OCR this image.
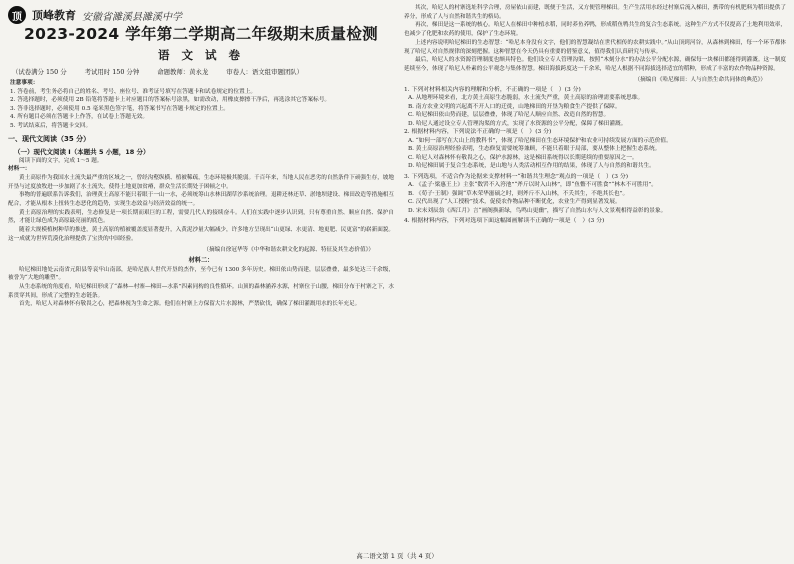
顶 顶峰教育 安徽省濉溪县濉溪中学
2023-2024 学年第二学期高二年级期末质量检测
语 文 试 卷
（试卷满分 150 分	考试用时 150 分钟	命题教师：黄永龙	审卷人：语文组审题团队）
注意事项：
1. 答卷前，考生务必将自己的姓名、考号、座位号、准考证号填写在答题卡和试卷规定的位置上。
2. 答选择题时，必须使用 2B 铅笔将答题卡上对应题目的答案标号涂黑，如需改动，用橡皮擦擦干净后，再选涂其它答案标号。
3. 答非选择题时，必须使用 0.5 毫米黑色签字笔，将答案书写在答题卡规定的位置上。
4. 所有题目必须在答题卡上作答，在试卷上答题无效。
5. 考试结束后，将答题卡交回。
一、现代文阅读（35 分）
（一）现代文阅读 I（本题共 5 小题，18 分）

阅读下面的文字，完成 1～5 题。

材料一：

黄土高原作为我国水土流失最严重的区域之一，曾经沟壑纵横、植被稀疏，生态环境极其脆弱。千百年来，当地人民在恶劣的自然条件下顽强生存，坡地开垦与过度放牧进一步加剧了水土流失，使得土地更加贫瘠，群众生活长期处于困顿之中。

事物的普遍联系告诉我们，治理黄土高原不能只着眼于一山一水，必须统筹山水林田湖草沙系统治理。退耕还林还草、淤地坝建设、梯田改造等措施相互配合，才能从根本上扭转生态恶化的趋势，实现生态效益与经济效益的统一。

黄土高原治理的实践表明，生态修复是一项长期而艰巨的工程，需要几代人的接续奋斗。人们在实践中逐步认识到，只有尊重自然、顺应自然、保护自然，才能让绿色成为高原最亮丽的底色。

随着大规模植树种草的推进，黄土高原的植被覆盖度显著提升，入黄泥沙量大幅减少，许多地方呈现出“山更绿、水更清、地更肥、民更富”的崭新面貌。这一成就为世界荒漠化治理提供了宝贵的中国经验。

（摘编自徐冠华等《中华和谐农耕文化的起源、特征及其生态价值》）
材料二：

哈尼梯田地处云南省元阳县等哀牢山南部，是哈尼族人世代开垦的杰作，至今已有 1300 多年历史。梯田依山势而建，层层叠叠，最多处达三千余级，被誉为“大地的雕塑”。

从生态系统的角度看，哈尼梯田形成了“森林—村寨—梯田—水系”四素同构的良性循环。山顶的森林涵养水源，村寨位于山腰，梯田分布于村寨之下，水系贯穿其间，形成了完整的生态链条。

首先，哈尼人对森林怀有敬畏之心，把森林视为生命之源。他们在村寨上方保留大片水源林，严禁砍伐，确保了梯田灌溉用水的长年充足。

其次，哈尼人的村寨选址科学合理，房屋依山而建，既便于生活，又方便管理梯田。生产生活用水经过村寨后流入梯田，携带的有机肥料为稻田提供了养分，形成了人与自然和谐共生的格局。

再次，梯田是这一系统的核心。哈尼人在梯田中种植水稻，同时养鱼养鸭，形成稻鱼鸭共生的复合生态系统。这种生产方式不仅提高了土地利用效率，也减少了化肥和农药的使用，保护了生态环境。

上述内容说明哈尼梯田的生态智慧：“哈尼本身没有文字，他们的智慧凝结在世代相传的农耕实践中。”从山顶到河谷，从森林到梯田，每一个环节都体现了哈尼人对自然规律的深刻把握。这种智慧在今天仍具有重要的借鉴意义，值得我们认真研究与传承。

最后，哈尼人的水资源管理制度也颇具特色。他们设立专人管理沟渠，按照“木刻分水”的办法公平分配水源，确保每一块梯田都能得到灌溉。这一制度延续至今，体现了哈尼人朴素的公平观念与集体智慧。梯田海拔跨度达一千余米，哈尼人根据不同海拔选择适宜的稻种，形成了丰富的农作物品种资源。

（摘编自《哈尼梯田：人与自然生命共同体的典范》）

1. 下列对材料相关内容的理解和分析，不正确的一项是（　）(3 分)

A. 从地理环境来看，北方黄土高原生态脆弱，水土流失严重，黄土高原的治理需要系统思维。

B. 南方农业文明的兴起离不开人口的迁徙，山地梯田的开垦为粮食生产提供了保障。

C. 哈尼梯田依山势而建，层层叠叠，体现了哈尼人顺应自然、改造自然的智慧。

D. 哈尼人通过设立专人管理沟渠的方式，实现了水资源的公平分配，保障了梯田灌溉。

2. 根据材料内容，下列说法不正确的一项是（　）(3 分)

A. “如何一部写在大山上的教科书”，体现了哈尼梯田在生态环境保护和农业可持续发展方面的示范价值。

B. 黄土高原治理经验表明，生态修复需要统筹兼顾，不能只着眼于局部，要从整体上把握生态系统。

C. 哈尼人对森林怀有敬畏之心，保护水源林，这是梯田系统得以长期延续的重要原因之一。

D. 哈尼梯田属于复合生态系统，是山地与人类活动相互作用的结果，体现了人与自然的和谐共生。

3. 下列选项，不适合作为论据来支撑材料一“和谐共生理念”观点的一项是（　）(3 分)

A. 《孟子·梁惠王上》主张“数罟不入洿池”“斧斤以时入山林”，即“鱼鳖不可胜食”“林木不可胜用”。

B. 《荀子·王制》强调“草木荣华滋硕之时，则斧斤不入山林，不夭其生，不绝其长也”。

C. 汉代出现了“人工授粉”技术，促使农作物品种不断优化，农业生产得到显著发展。

D. 宋末刘辰翁《西江月》言“画阁换新绿，鸟鸣山更幽”，描写了自然山水与人文景观相得益彰的景象。

4. 根据材料内容，下列对选项下面这幅图画解读不正确的一项是（　）(3 分)

高二语文第 1 页（共 4 页）
